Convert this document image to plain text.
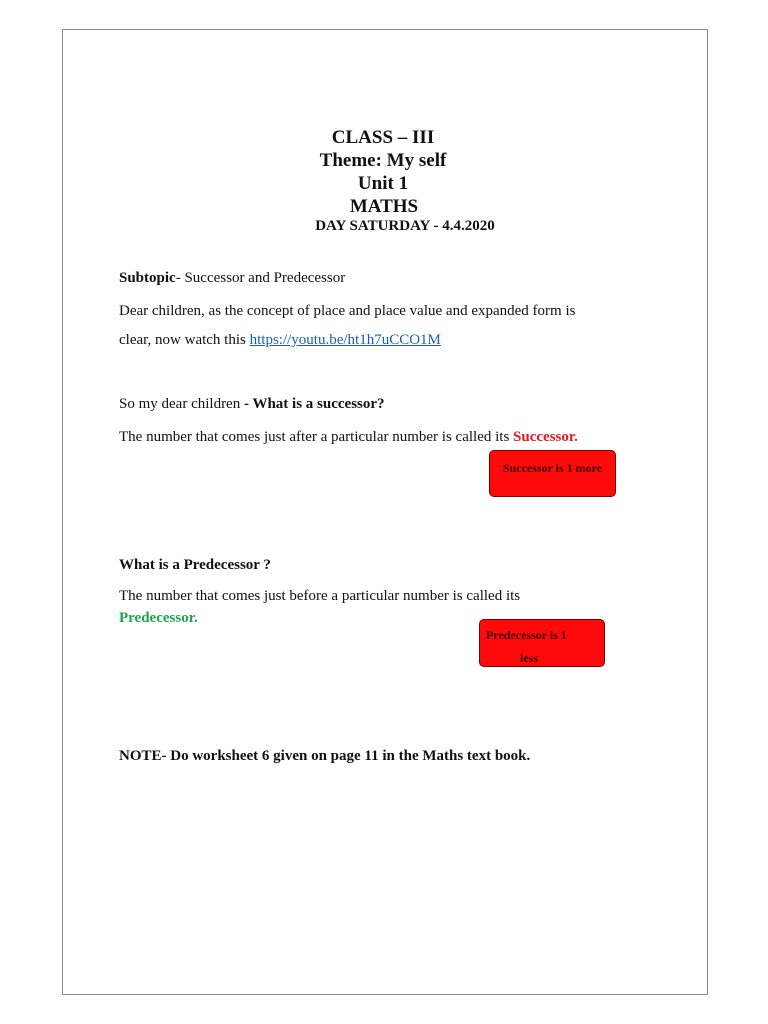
CLASS – III
Theme: My self
Unit 1
MATHS
DAY SATURDAY - 4.4.2020
Subtopic- Successor and Predecessor
Dear children, as the concept of place and place value and expanded form is
clear, now watch this https://youtu.be/ht1h7uCCO1M
So my dear children - What is a successor?
The number that comes just after a particular number is called its Successor.
Successor is 1 more
What is a Predecessor ?
The number that comes just before a particular number is called its
Predecessor.
Predecessor is 1
less
NOTE- Do worksheet 6 given on page 11 in the Maths text book.
